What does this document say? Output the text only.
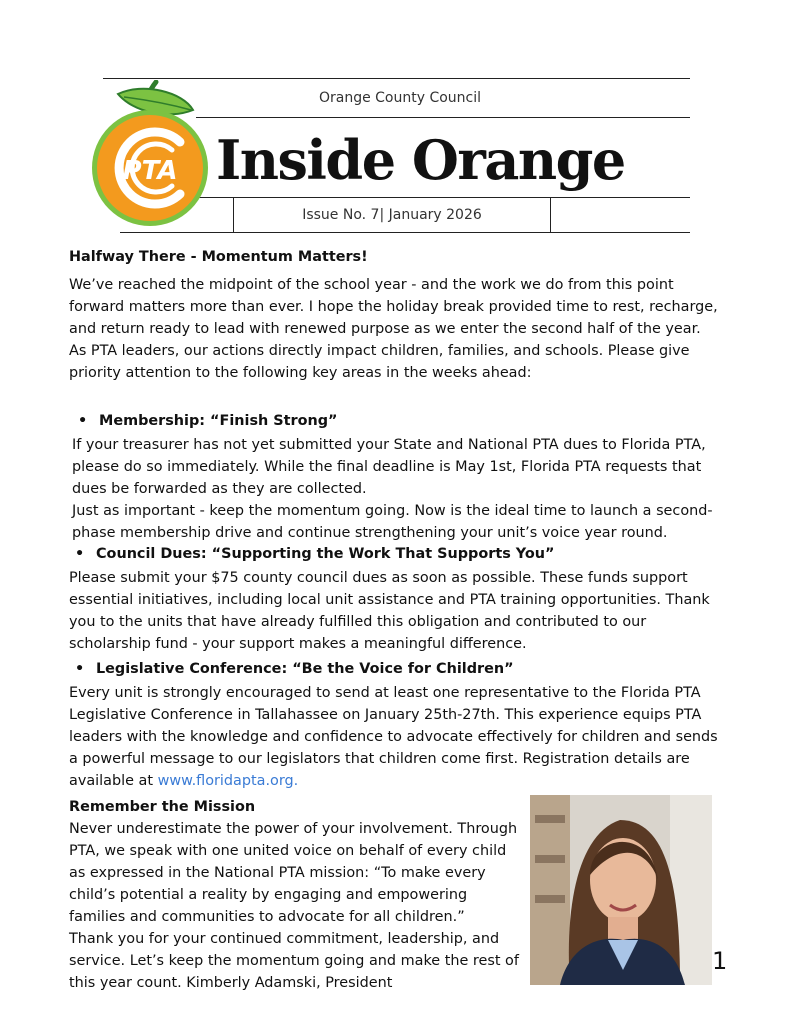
Orange County Council
Inside Orange
Issue No. 7| January 2026
PTA
Halfway There - Momentum Matters!

We’ve reached the midpoint of the school year - and the work we do from this point forward matters more than ever. I hope the holiday break provided time to rest, recharge, and return ready to lead with renewed purpose as we enter the second half of the year.

As PTA leaders, our actions directly impact children, families, and schools. Please give priority attention to the following key areas in the weeks ahead:

• Membership: “Finish Strong”

If your treasurer has not yet submitted your State and National PTA dues to Florida PTA, please do so immediately. While the final deadline is May 1st, Florida PTA requests that dues be forwarded as they are collected.

Just as important - keep the momentum going. Now is the ideal time to launch a second-phase membership drive and continue strengthening your unit’s voice year round.

• Council Dues: “Supporting the Work That Supports You”

Please submit your $75 county council dues as soon as possible. These funds support essential initiatives, including local unit assistance and PTA training opportunities. Thank you to the units that have already fulfilled this obligation and contributed to our scholarship fund - your support makes a meaningful difference.

• Legislative Conference: “Be the Voice for Children”

Every unit is strongly encouraged to send at least one representative to the Florida PTA Legislative Conference in Tallahassee on January 25th-27th. This experience equips PTA leaders with the knowledge and confidence to advocate effectively for children and sends a powerful message to our legislators that children come first. Registration details are available at www.floridapta.org.

Remember the Mission

Never underestimate the power of your involvement. Through PTA, we speak with one united voice on behalf of every child as expressed in the National PTA mission: “To make every child’s potential a reality by engaging and empowering families and communities to advocate for all children.”

Thank you for your continued commitment, leadership, and service. Let’s keep the momentum going and make the rest of this year count. Kimberly Adamski, President

1
